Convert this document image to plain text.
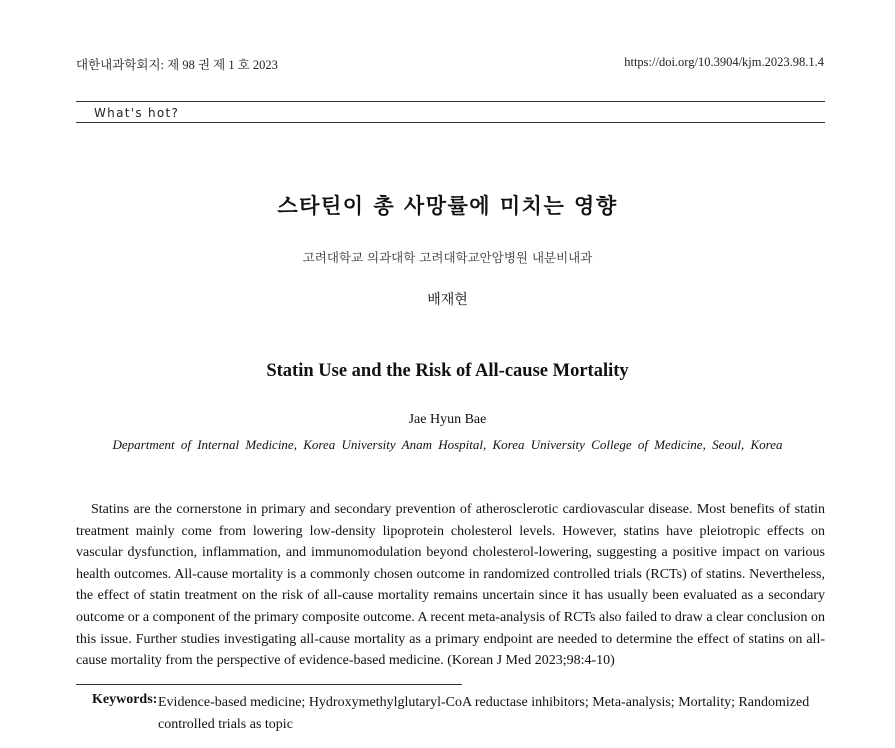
대한내과학회지: 제 98 권 제 1 호 2023	https://doi.org/10.3904/kjm.2023.98.1.4
What's hot?
스타틴이 총 사망률에 미치는 영향
고려대학교 의과대학 고려대학교안암병원 내분비내과
배재현
Statin Use and the Risk of All-cause Mortality
Jae Hyun Bae
Department of Internal Medicine, Korea University Anam Hospital, Korea University College of Medicine, Seoul, Korea

Statins are the cornerstone in primary and secondary prevention of atherosclerotic cardiovascular disease. Most benefits of statin treatment mainly come from lowering low-density lipoprotein cholesterol levels. However, statins have pleiotropic effects on vascular dysfunction, inflammation, and immunomodulation beyond cholesterol-lowering, suggesting a positive impact on various health outcomes. All-cause mortality is a commonly chosen outcome in randomized controlled trials (RCTs) of statins. Nevertheless, the effect of statin treatment on the risk of all-cause mortality remains uncertain since it has usually been evaluated as a secondary outcome or a component of the primary composite outcome. A recent meta-analysis of RCTs also failed to draw a clear conclusion on this issue. Further studies investigating all-cause mortality as a primary endpoint are needed to determine the effect of statins on all-cause mortality from the perspective of evidence-based medicine. (Korean J Med 2023;98:4-10)

Keywords: Evidence-based medicine; Hydroxymethylglutaryl-CoA reductase inhibitors; Meta-analysis; Mortality; Randomized controlled trials as topic
